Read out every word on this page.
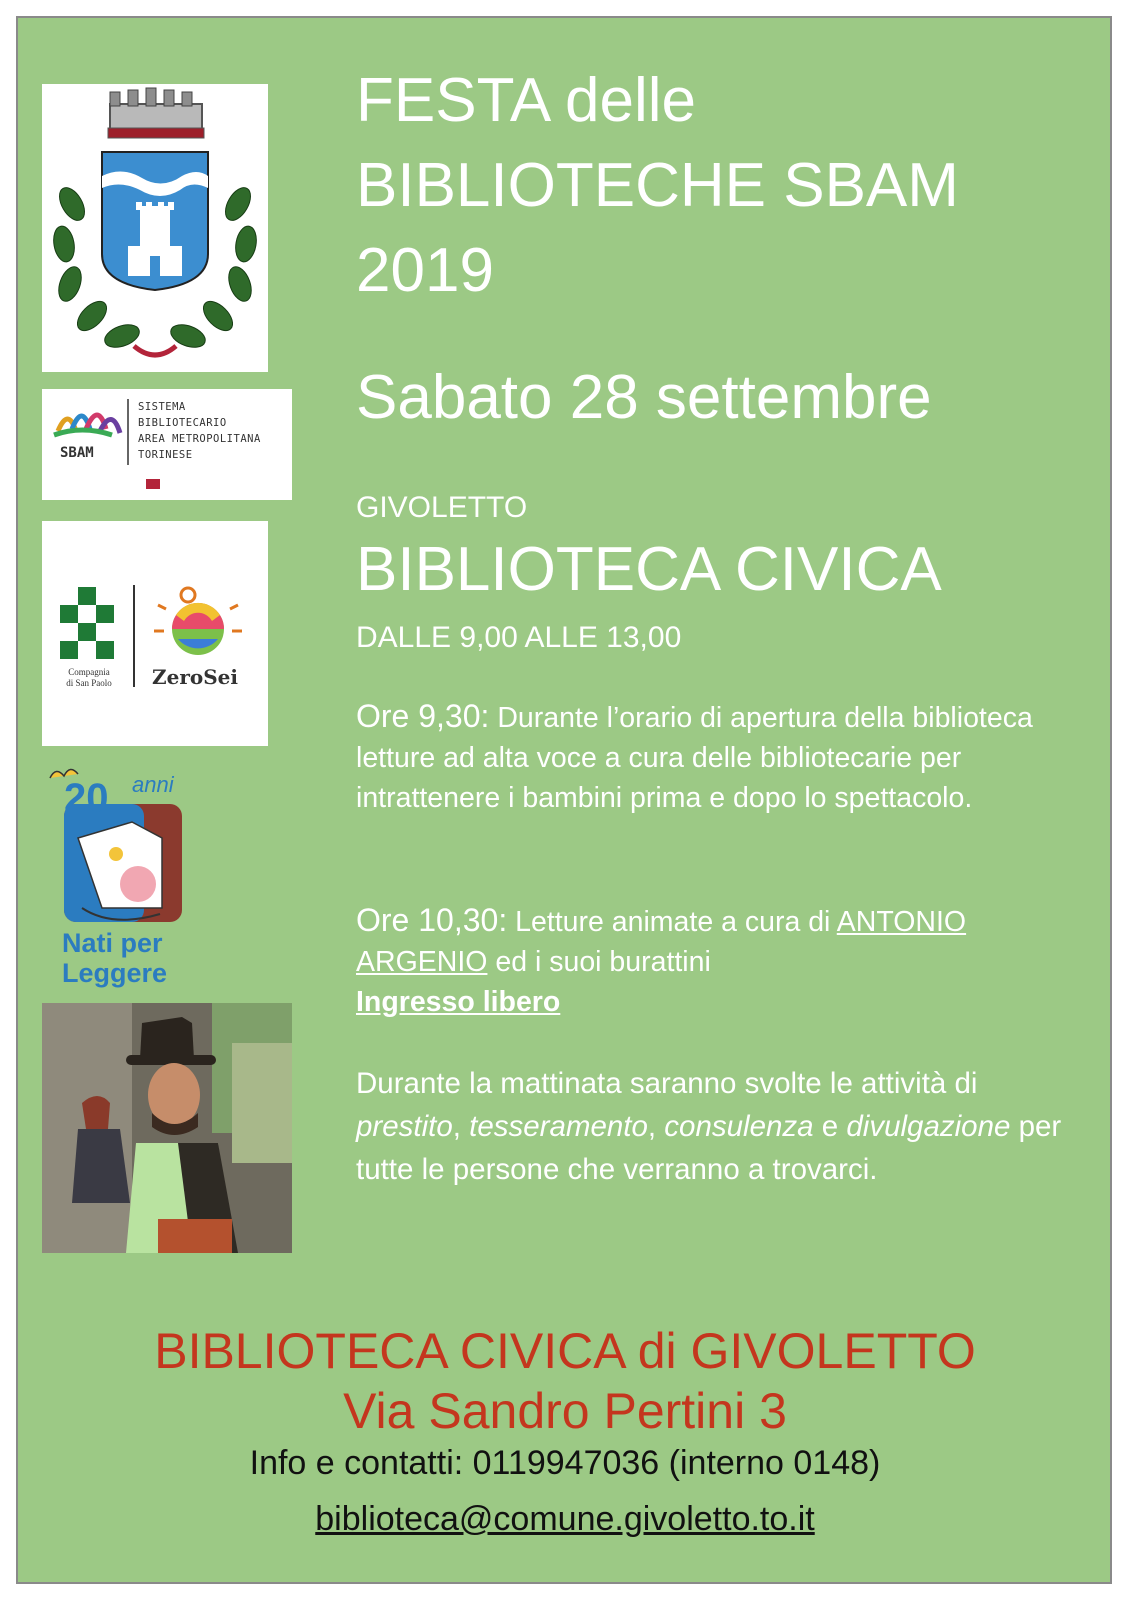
SBAM
SISTEMA
BIBLIOTECARIO
AREA METROPOLITANA
TORINESE
Compagnia
di San Paolo	ZeroSei
20 anni
Nati per
Leggere
FESTA delle
BIBLIOTECHE SBAM
2019
Sabato 28 settembre
GIVOLETTO
BIBLIOTECA CIVICA
DALLE 9,00 ALLE 13,00

Ore 9,30: Durante l’orario di apertura della biblioteca letture ad alta voce a cura delle bibliotecarie per intrattenere i bambini prima e dopo lo spettacolo.

Ore 10,30: Letture animate a cura di ANTONIO ARGENIO ed i suoi burattini
Ingresso libero

Durante la mattinata saranno svolte le attività di prestito, tesseramento, consulenza e divulgazione per tutte le persone che verranno a trovarci.

BIBLIOTECA CIVICA di GIVOLETTO
Via Sandro Pertini 3
Info e contatti: 0119947036 (interno 0148)
biblioteca@comune.givoletto.to.it
